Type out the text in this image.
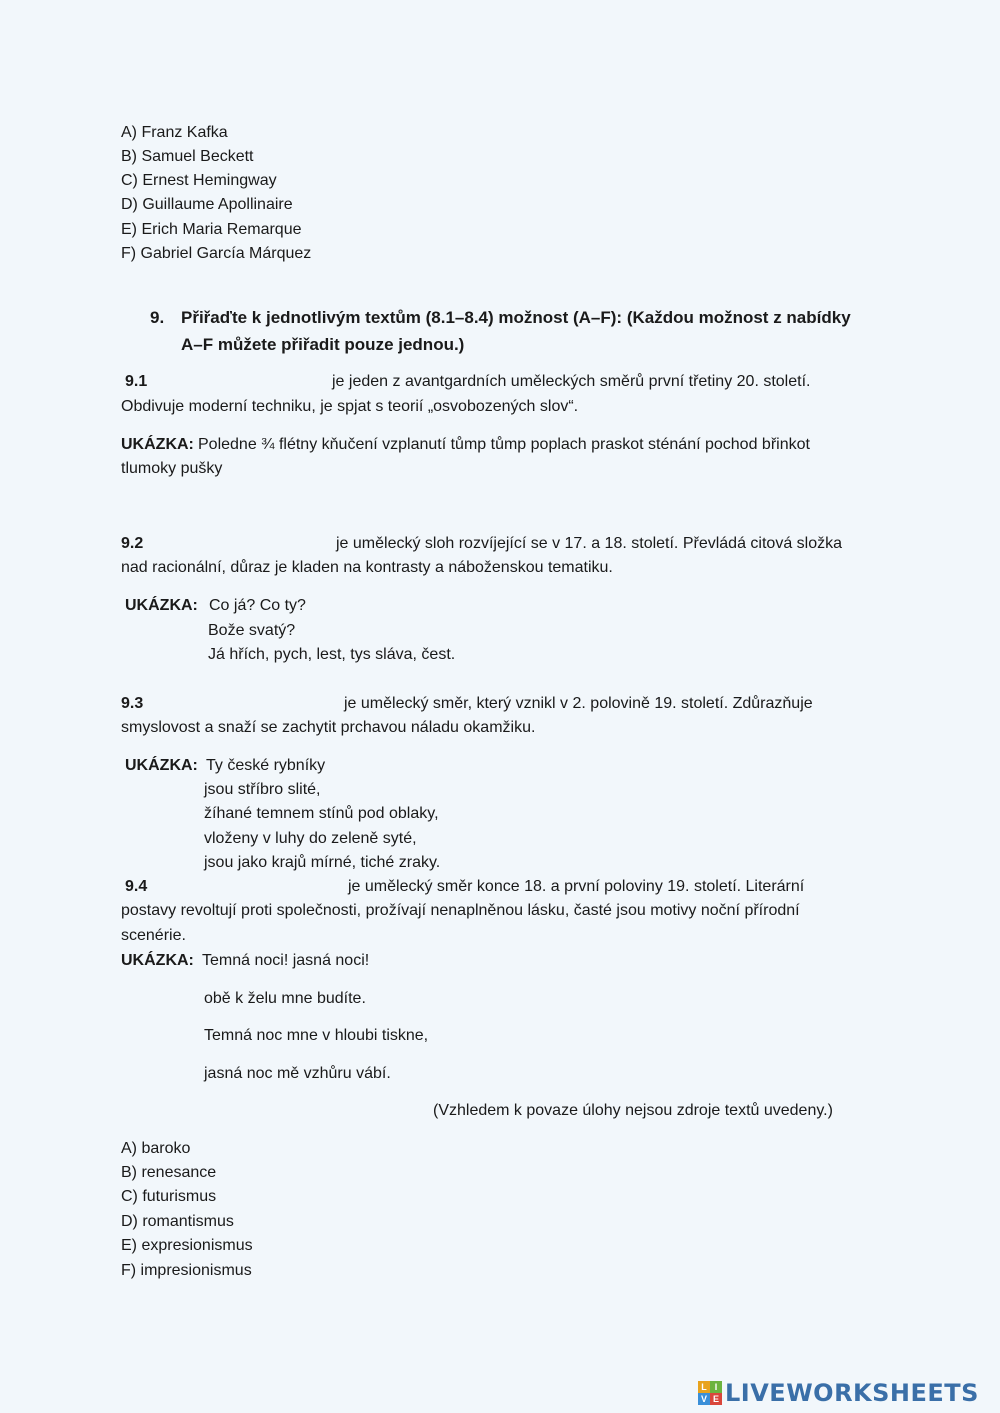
A) Franz Kafka
B) Samuel Beckett
C) Ernest Hemingway
D) Guillaume Apollinaire
E) Erich Maria Remarque
F) Gabriel García Márquez
9. Přiřaďte k jednotlivým textům (8.1–8.4) možnost (A–F): (Každou možnost z nabídky
A–F můžete přiřadit pouze jednou.)
9.1	je jeden z avantgardních uměleckých směrů první třetiny 20. století.
Obdivuje moderní techniku, je spjat s teorií „osvobozených slov“.
UKÁZKA: Poledne ¾ flétny kňučení vzplanutí tůmp tůmp poplach praskot sténání pochod břinkot
tlumoky pušky
9.2	je umělecký sloh rozvíjející se v 17. a 18. století. Převládá citová složka
nad racionální, důraz je kladen na kontrasty a náboženskou tematiku.
UKÁZKA: Co já? Co ty?
Bože svatý?
Já hřích, pych, lest, tys sláva, čest.
9.3	je umělecký směr, který vznikl v 2. polovině 19. století. Zdůrazňuje
smyslovost a snaží se zachytit prchavou náladu okamžiku.
UKÁZKA: Ty české rybníky
jsou stříbro slité,
žíhané temnem stínů pod oblaky,
vloženy v luhy do zeleně syté,
jsou jako krajů mírné, tiché zraky.
9.4	je umělecký směr konce 18. a první poloviny 19. století. Literární
postavy revoltují proti společnosti, prožívají nenaplněnou lásku, časté jsou motivy noční přírodní
scenérie.
UKÁZKA: Temná noci! jasná noci!
obě k želu mne budíte.
Temná noc mne v hloubi tiskne,
jasná noc mě vzhůru vábí.
(Vzhledem k povaze úlohy nejsou zdroje textů uvedeny.)
A) baroko
B) renesance
C) futurismus
D) romantismus
E) expresionismus
F) impresionismus
L I
V E LIVEWORKSHEETS
